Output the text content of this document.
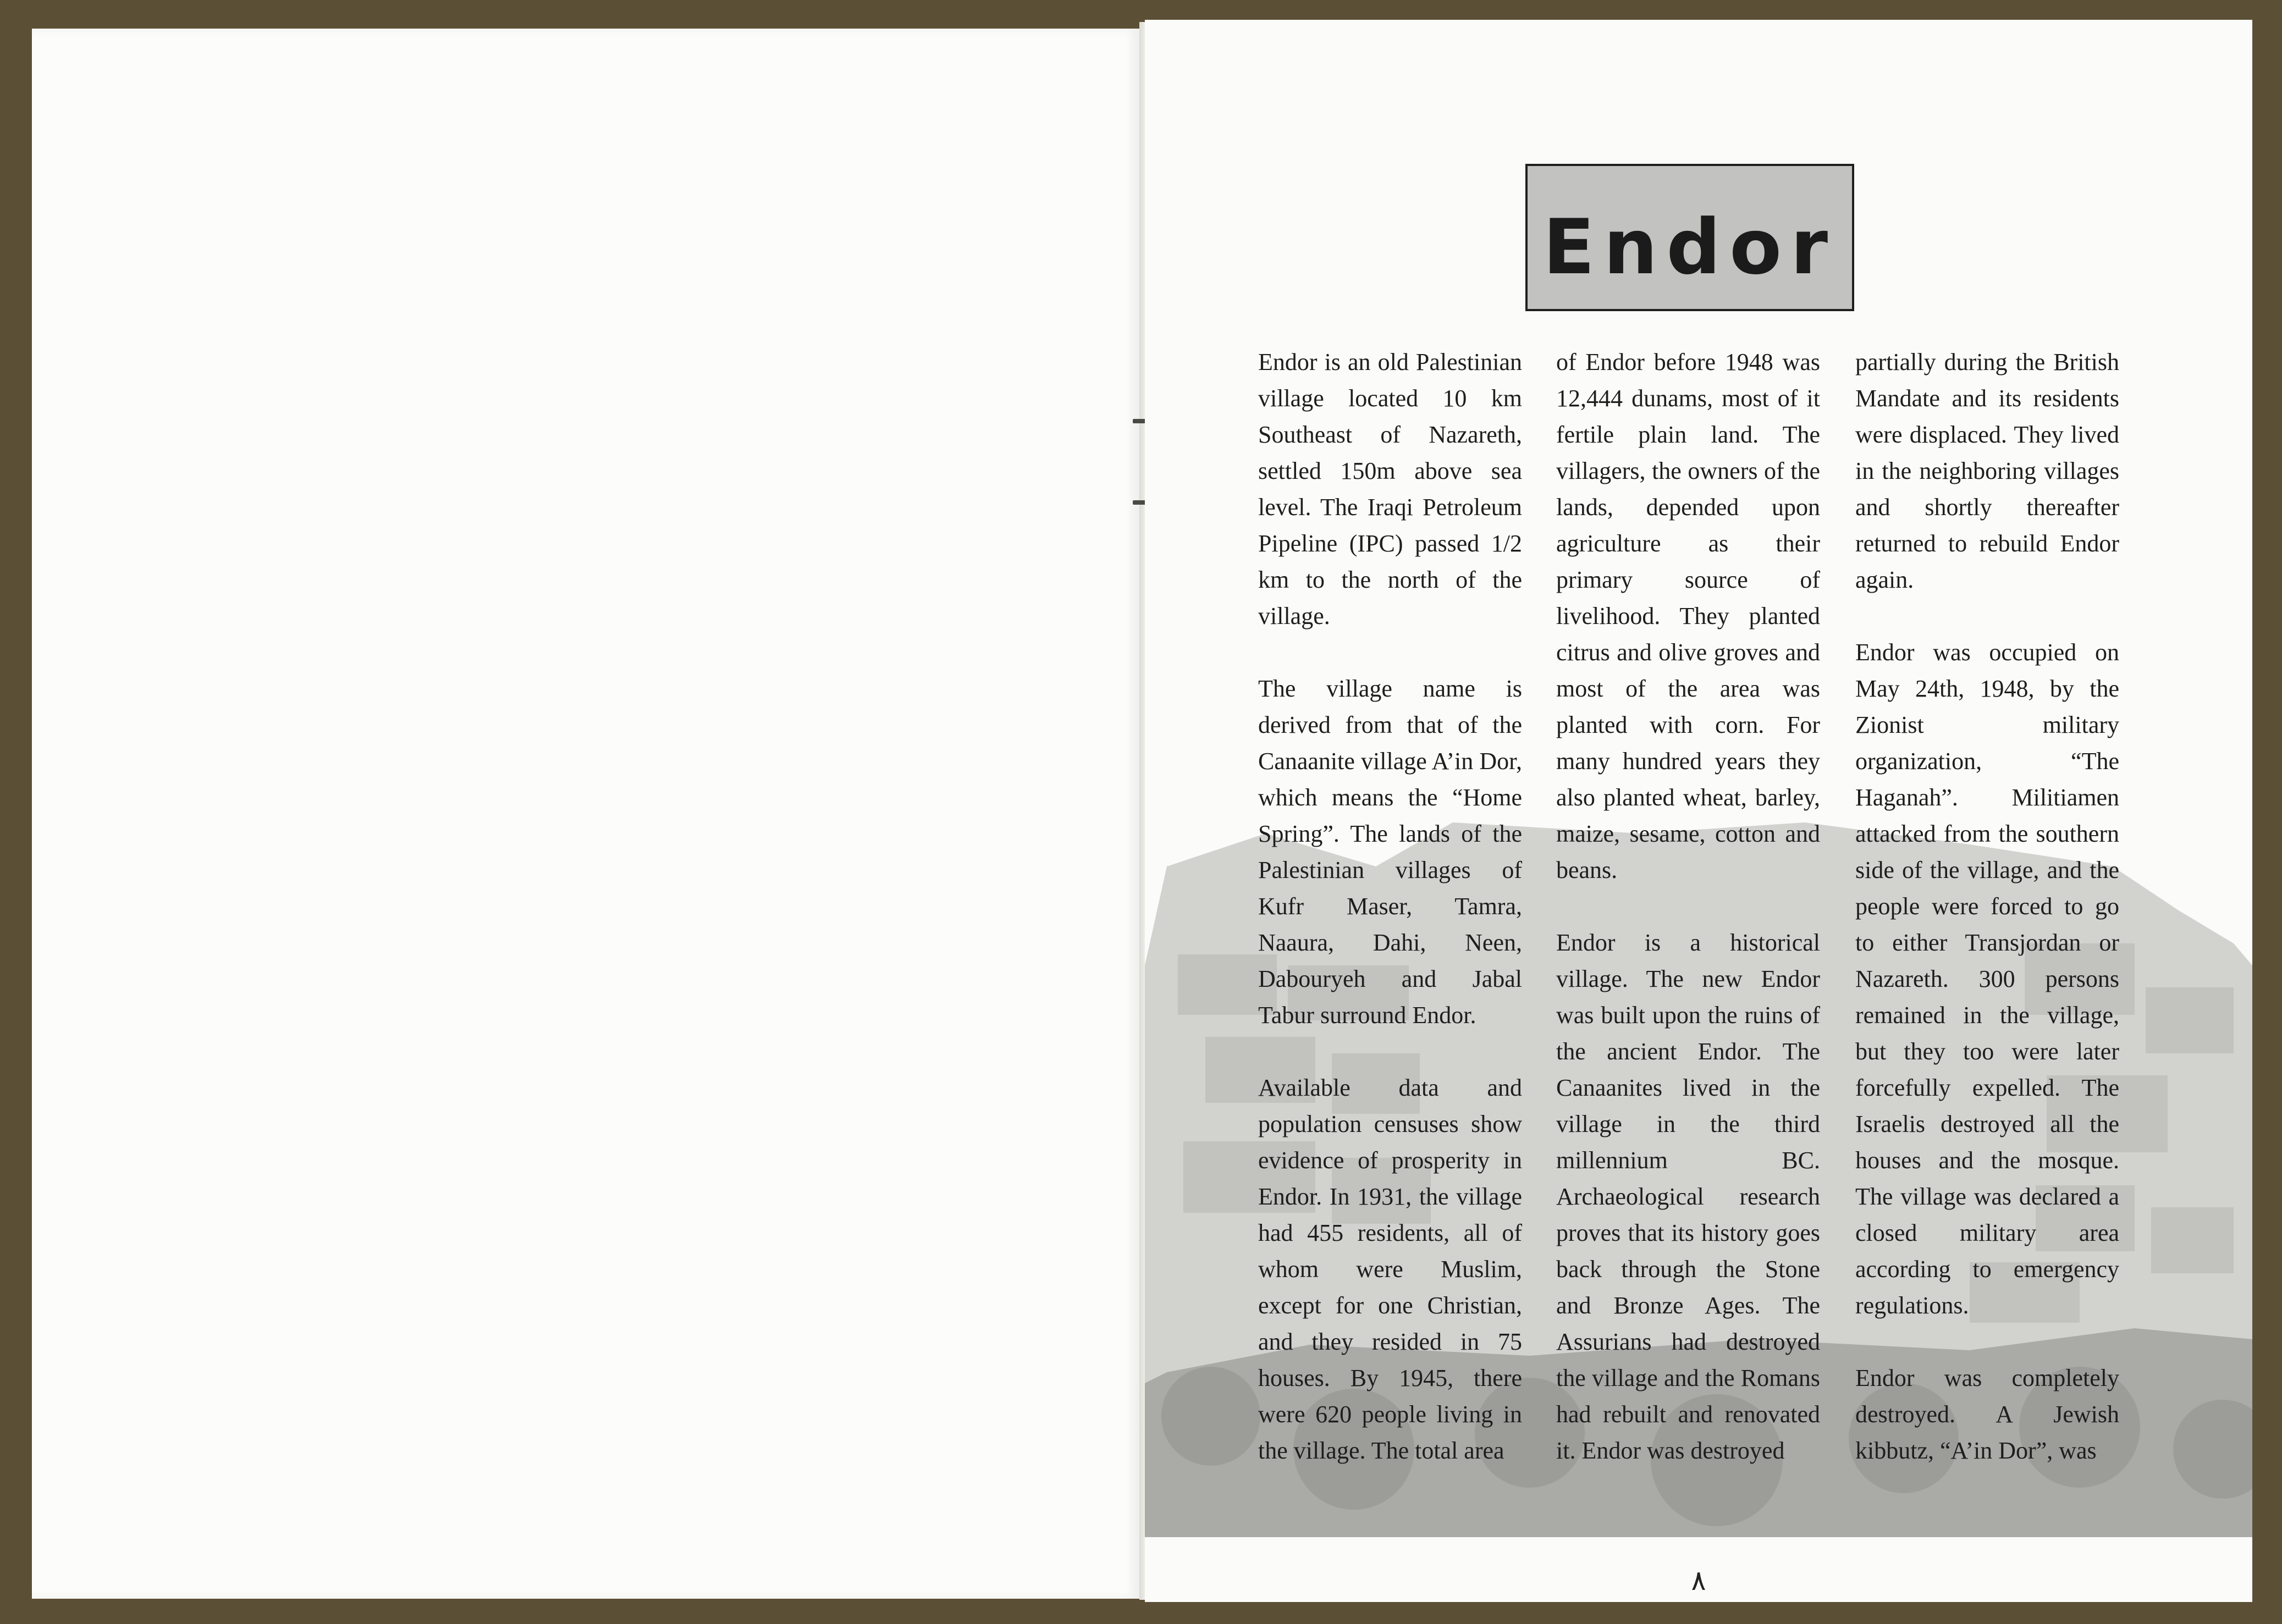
Endor

Endor is an old Palestinian village located 10 km Southeast of Nazareth, settled 150m above sea level. The Iraqi Petroleum Pipeline (IPC) passed 1/2 km to the north of the village.

The village name is derived from that of the Canaanite village A’in Dor, which means the “Home Spring”. The lands of the Palestinian villages of Kufr Maser, Tamra, Naaura, Dahi, Neen, Dabouryeh and Jabal Tabur surround Endor.

Available data and population censuses show evidence of prosperity in Endor. In 1931, the village had 455 residents, all of whom were Muslim, except for one Christian, and they resided in 75 houses. By 1945, there were 620 people living in the village. The total area

of Endor before 1948 was 12,444 dunams, most of it fertile plain land. The villagers, the owners of the lands, depended upon agriculture as their primary source of livelihood. They planted citrus and olive groves and most of the area was planted with corn. For many hundred years they also planted wheat, barley, maize, sesame, cotton and beans.

Endor is a historical village. The new Endor was built upon the ruins of the ancient Endor. The Canaanites lived in the village in the third millennium BC. Archaeological research proves that its history goes back through the Stone and Bronze Ages. The Assurians had destroyed the village and the Romans had rebuilt and renovated it. Endor was destroyed

partially during the British Mandate and its residents were displaced. They lived in the neighboring villages and shortly thereafter returned to rebuild Endor again.

Endor was occupied on May 24th, 1948, by the Zionist military organization, “The Haganah”. Militiamen attacked from the southern side of the village, and the people were forced to go to either Transjordan or Nazareth. 300 persons remained in the village, but they too were later forcefully expelled. The Israelis destroyed all the houses and the mosque. The village was declared a closed military area according to emergency regulations.

Endor was completely destroyed. A Jewish kibbutz, “A’in Dor”, was

٨
